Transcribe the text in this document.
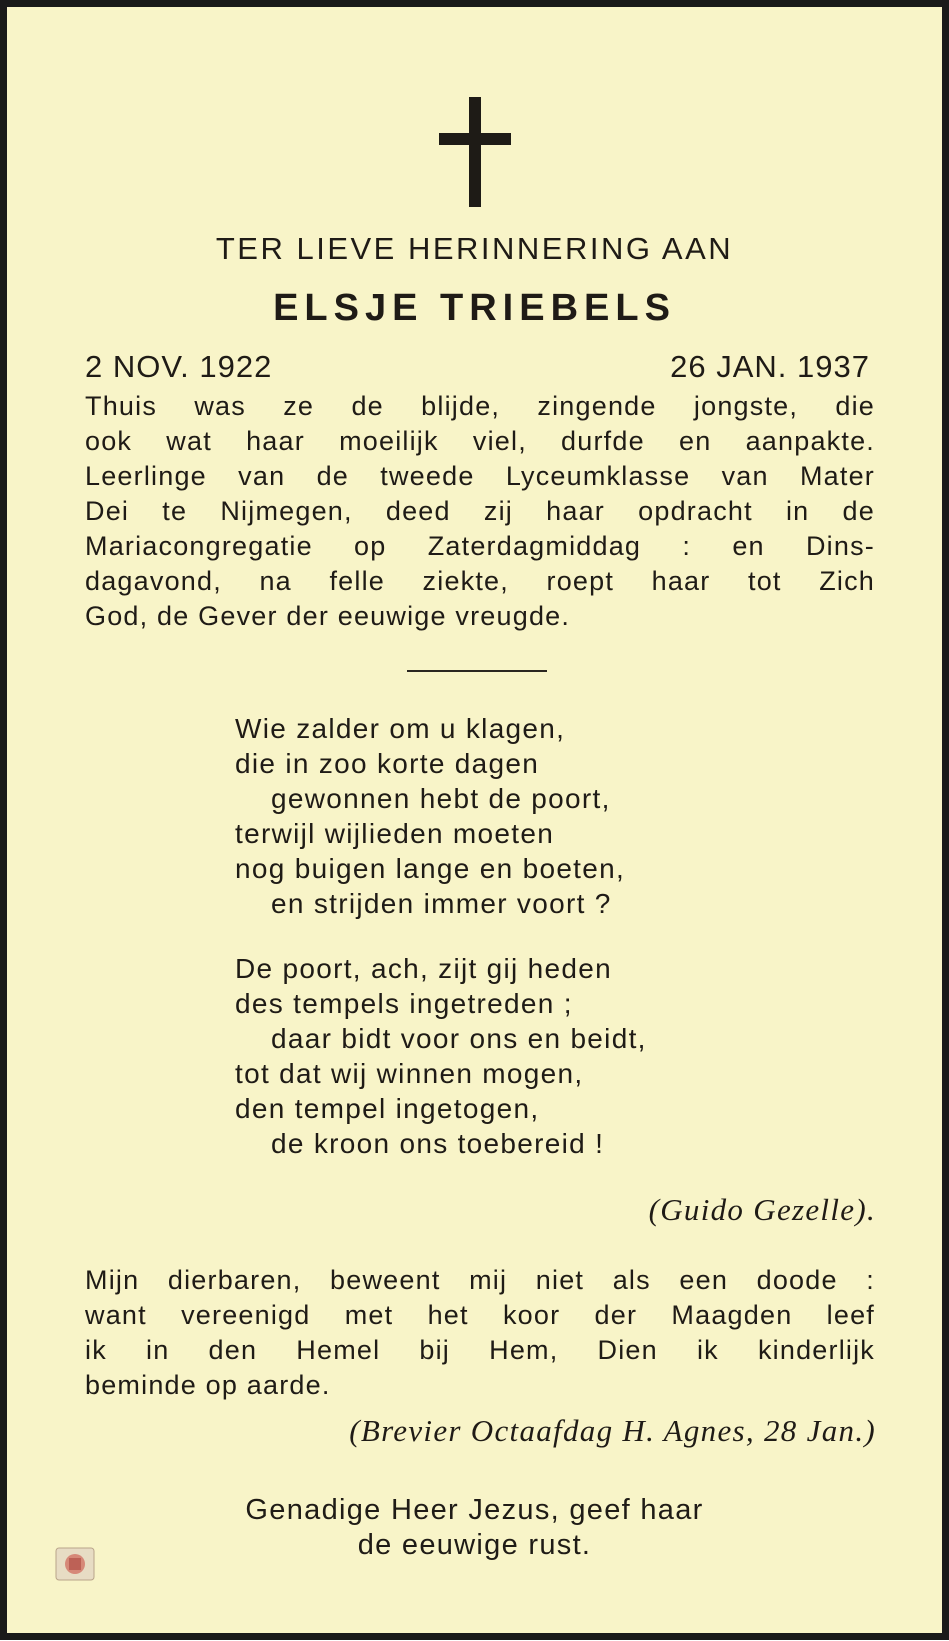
TER LIEVE HERINNERING AAN
ELSJE TRIEBELS
2 NOV. 1922	26 JAN. 1937
Thuis was ze de blijde, zingende jongste, die
ook wat haar moeilijk viel, durfde en aanpakte.
Leerlinge van de tweede Lyceumklasse van Mater
Dei te Nijmegen, deed zij haar opdracht in de
Mariacongregatie op Zaterdagmiddag : en Dins-
dagavond, na felle ziekte, roept haar tot Zich
God, de Gever der eeuwige vreugde.
Wie zalder om u klagen,
die in zoo korte dagen
gewonnen hebt de poort,
terwijl wijlieden moeten
nog buigen lange en boeten,
en strijden immer voort ?
De poort, ach, zijt gij heden
des tempels ingetreden ;
daar bidt voor ons en beidt,
tot dat wij winnen mogen,
den tempel ingetogen,
de kroon ons toebereid !
(Guido Gezelle).
Mijn dierbaren, beweent mij niet als een doode :
want vereenigd met het koor der Maagden leef
ik in den Hemel bij Hem, Dien ik kinderlijk
beminde op aarde.
(Brevier Octaafdag H. Agnes, 28 Jan.)
Genadige Heer Jezus, geef haar
de eeuwige rust.
